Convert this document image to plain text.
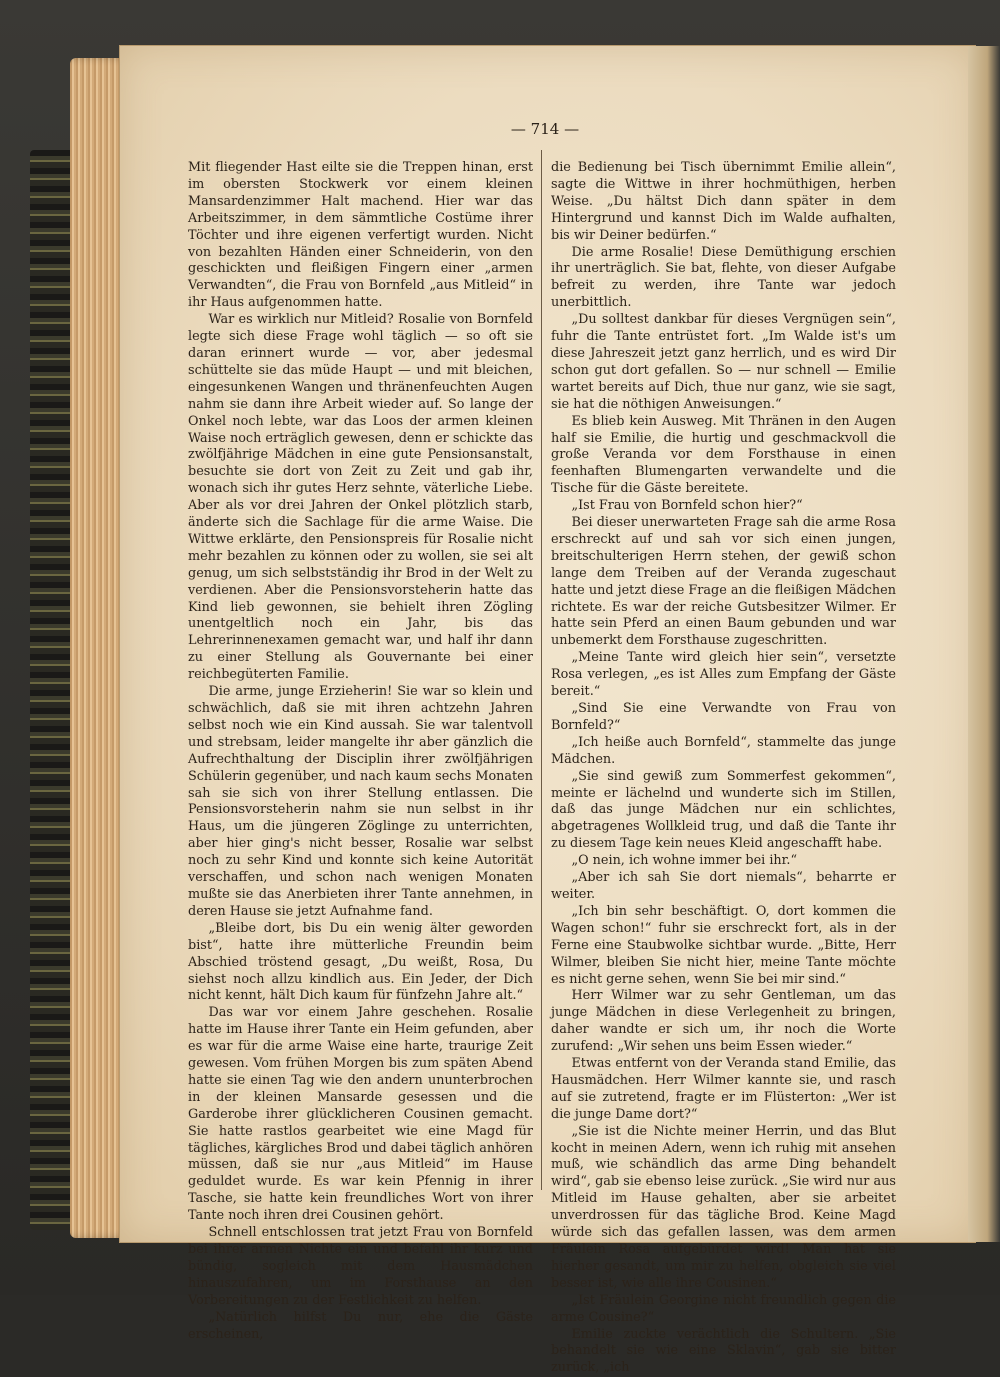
— 714 —

Mit fliegender Hast eilte sie die Treppen hinan, erst im obersten Stockwerk vor einem kleinen Mansardenzimmer Halt machend. Hier war das Arbeitszimmer, in dem sämmtliche Costüme ihrer Töchter und ihre eigenen verfertigt wurden. Nicht von bezahlten Händen einer Schneiderin, von den geschickten und fleißigen Fingern einer „armen Verwandten“, die Frau von Bornfeld „aus Mitleid“ in ihr Haus aufgenommen hatte.

War es wirklich nur Mitleid? Rosalie von Bornfeld legte sich diese Frage wohl täglich — so oft sie daran erinnert wurde — vor, aber jedesmal schüttelte sie das müde Haupt — und mit bleichen, eingesunkenen Wangen und thränenfeuchten Augen nahm sie dann ihre Arbeit wieder auf. So lange der Onkel noch lebte, war das Loos der armen kleinen Waise noch erträglich gewesen, denn er schickte das zwölfjährige Mädchen in eine gute Pensionsanstalt, besuchte sie dort von Zeit zu Zeit und gab ihr, wonach sich ihr gutes Herz sehnte, väterliche Liebe. Aber als vor drei Jahren der Onkel plötzlich starb, änderte sich die Sachlage für die arme Waise. Die Wittwe erklärte, den Pensionspreis für Rosalie nicht mehr bezahlen zu können oder zu wollen, sie sei alt genug, um sich selbstständig ihr Brod in der Welt zu verdienen. Aber die Pensionsvorsteherin hatte das Kind lieb gewonnen, sie behielt ihren Zögling unentgeltlich noch ein Jahr, bis das Lehrerinnenexamen gemacht war, und half ihr dann zu einer Stellung als Gouvernante bei einer reichbegüterten Familie.

Die arme, junge Erzieherin! Sie war so klein und schwächlich, daß sie mit ihren achtzehn Jahren selbst noch wie ein Kind aussah. Sie war talentvoll und strebsam, leider mangelte ihr aber gänzlich die Aufrechthaltung der Disciplin ihrer zwölfjährigen Schülerin gegenüber, und nach kaum sechs Monaten sah sie sich von ihrer Stellung entlassen. Die Pensionsvorsteherin nahm sie nun selbst in ihr Haus, um die jüngeren Zöglinge zu unterrichten, aber hier ging's nicht besser, Rosalie war selbst noch zu sehr Kind und konnte sich keine Autorität verschaffen, und schon nach wenigen Monaten mußte sie das Anerbieten ihrer Tante annehmen, in deren Hause sie jetzt Aufnahme fand.

„Bleibe dort, bis Du ein wenig älter geworden bist“, hatte ihre mütterliche Freundin beim Abschied tröstend gesagt, „Du weißt, Rosa, Du siehst noch allzu kindlich aus. Ein Jeder, der Dich nicht kennt, hält Dich kaum für fünfzehn Jahre alt.“

Das war vor einem Jahre geschehen. Rosalie hatte im Hause ihrer Tante ein Heim gefunden, aber es war für die arme Waise eine harte, traurige Zeit gewesen. Vom frühen Morgen bis zum späten Abend hatte sie einen Tag wie den andern ununterbrochen in der kleinen Mansarde gesessen und die Garderobe ihrer glücklicheren Cousinen gemacht. Sie hatte rastlos gearbeitet wie eine Magd für tägliches, kärgliches Brod und dabei täglich anhören müssen, daß sie nur „aus Mitleid“ im Hause geduldet wurde. Es war kein Pfennig in ihrer Tasche, sie hatte kein freundliches Wort von ihrer Tante noch ihren drei Cousinen gehört.

Schnell entschlossen trat jetzt Frau von Bornfeld bei ihrer armen Nichte ein und befahl ihr kurz und bündig, sogleich mit dem Hausmädchen hinauszufahren, um im Forsthause an den Vorbereitungen zu der Festlichkeit zu helfen.

„Natürlich hilfst Du nur, ehe die Gäste erscheinen,

die Bedienung bei Tisch übernimmt Emilie allein“, sagte die Wittwe in ihrer hochmüthigen, herben Weise. „Du hältst Dich dann später in dem Hintergrund und kannst Dich im Walde aufhalten, bis wir Deiner bedürfen.“

Die arme Rosalie! Diese Demüthigung erschien ihr unerträglich. Sie bat, flehte, von dieser Aufgabe befreit zu werden, ihre Tante war jedoch unerbittlich.

„Du solltest dankbar für dieses Vergnügen sein“, fuhr die Tante entrüstet fort. „Im Walde ist's um diese Jahreszeit jetzt ganz herrlich, und es wird Dir schon gut dort gefallen. So — nur schnell — Emilie wartet bereits auf Dich, thue nur ganz, wie sie sagt, sie hat die nöthigen Anweisungen.“

Es blieb kein Ausweg. Mit Thränen in den Augen half sie Emilie, die hurtig und geschmackvoll die große Veranda vor dem Forsthause in einen feenhaften Blumengarten verwandelte und die Tische für die Gäste bereitete.

„Ist Frau von Bornfeld schon hier?“

Bei dieser unerwarteten Frage sah die arme Rosa erschreckt auf und sah vor sich einen jungen, breitschulterigen Herrn stehen, der gewiß schon lange dem Treiben auf der Veranda zugeschaut hatte und jetzt diese Frage an die fleißigen Mädchen richtete. Es war der reiche Gutsbesitzer Wilmer. Er hatte sein Pferd an einen Baum gebunden und war unbemerkt dem Forsthause zugeschritten.

„Meine Tante wird gleich hier sein“, versetzte Rosa verlegen, „es ist Alles zum Empfang der Gäste bereit.“

„Sind Sie eine Verwandte von Frau von Bornfeld?“

„Ich heiße auch Bornfeld“, stammelte das junge Mädchen.

„Sie sind gewiß zum Sommerfest gekommen“, meinte er lächelnd und wunderte sich im Stillen, daß das junge Mädchen nur ein schlichtes, abgetragenes Wollkleid trug, und daß die Tante ihr zu diesem Tage kein neues Kleid angeschafft habe.

„O nein, ich wohne immer bei ihr.“

„Aber ich sah Sie dort niemals“, beharrte er weiter.

„Ich bin sehr beschäftigt. O, dort kommen die Wagen schon!“ fuhr sie erschreckt fort, als in der Ferne eine Staubwolke sichtbar wurde. „Bitte, Herr Wilmer, bleiben Sie nicht hier, meine Tante möchte es nicht gerne sehen, wenn Sie bei mir sind.“

Herr Wilmer war zu sehr Gentleman, um das junge Mädchen in diese Verlegenheit zu bringen, daher wandte er sich um, ihr noch die Worte zurufend: „Wir sehen uns beim Essen wieder.“

Etwas entfernt von der Veranda stand Emilie, das Hausmädchen. Herr Wilmer kannte sie, und rasch auf sie zutretend, fragte er im Flüsterton: „Wer ist die junge Dame dort?“

„Sie ist die Nichte meiner Herrin, und das Blut kocht in meinen Adern, wenn ich ruhig mit ansehen muß, wie schändlich das arme Ding behandelt wird“, gab sie ebenso leise zurück. „Sie wird nur aus Mitleid im Hause gehalten, aber sie arbeitet unverdrossen für das tägliche Brod. Keine Magd würde sich das gefallen lassen, was dem armen Fräulein Rosa aufgebürdet wird! Man hat sie hierher gesandt, um mir zu helfen, obgleich sie viel besser ist, wie alle ihre Cousinen.“

„Ist Fräulein Georgine nicht freundlich gegen die arme Cousine?“

Emilie zuckte verächtlich die Schultern. „Sie behandelt sie wie eine Sklavin“, gab sie bitter zurück, „ich
